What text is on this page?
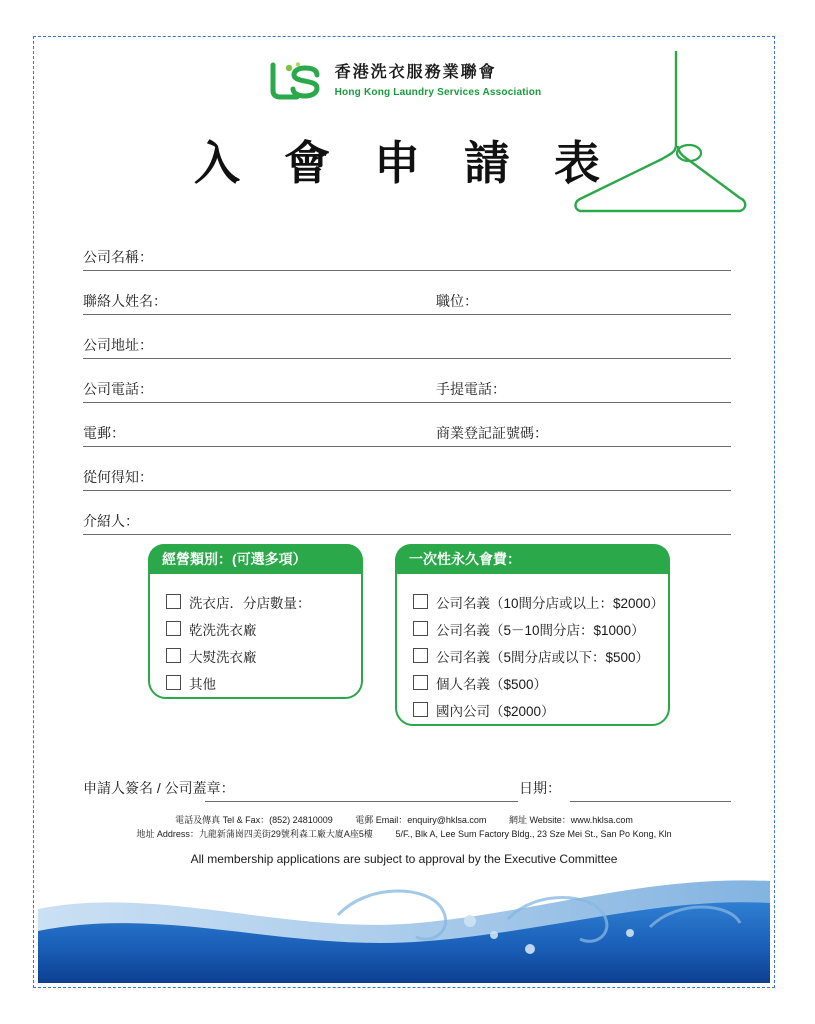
香港洗衣服務業聯會
Hong Kong Laundry Services Association
入 會 申 請 表
公司名稱：
聯絡人姓名：	職位：
公司地址：
公司電話：	手提電話：
電郵：	商業登記証號碼：
從何得知：
介紹人：
經營類別：(可選多項）
洗衣店．分店數量：
乾洗洗衣廠
大熨洗衣廠
其他
一次性永久會費：
公司名義（10間分店或以上：$2000）
公司名義（5－10間分店：$1000）
公司名義（5間分店或以下：$500）
個人名義（$500）
國內公司（$2000）
申請人簽名 / 公司蓋章：	日期：
電話及傳真 Tel & Fax：(852) 24810009	電郵 Email：enquiry@hklsa.com	網址 Website：www.hklsa.com
地址 Address：九龍新蒲崗四美街29號利森工廠大廈A座5樓	5/F., Blk A, Lee Sum Factory Bldg., 23 Sze Mei St., San Po Kong, Kln
All membership applications are subject to approval by the Executive Committee
